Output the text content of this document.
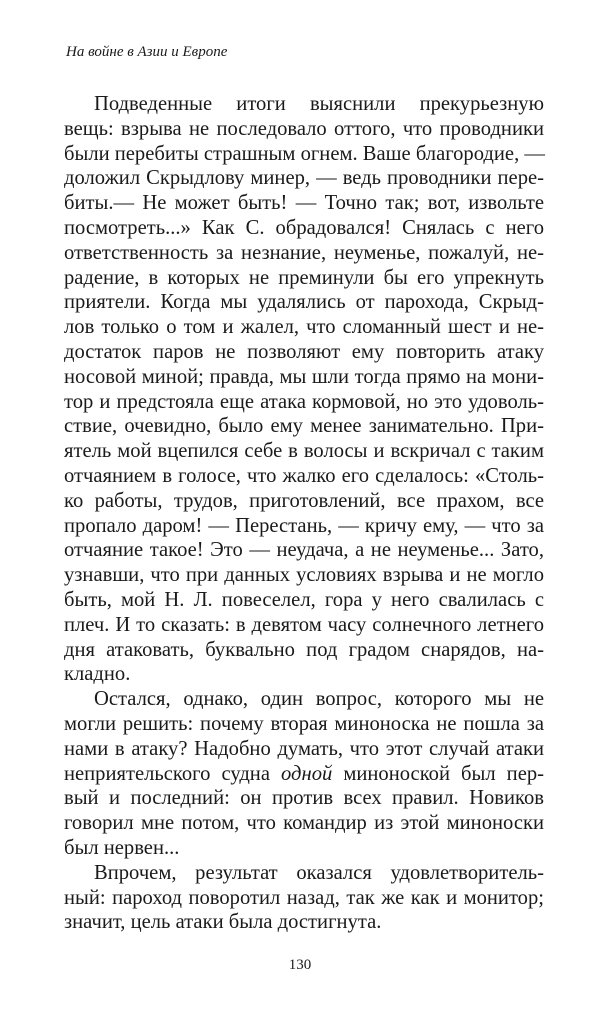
На войне в Азии и Европе
Подведенные итоги выяснили прекурьезную
вещь: взрыва не последовало оттого, что проводники
были перебиты страшным огнем. Ваше благородие, —
доложил Скрыдлову минер, — ведь проводники пере-
биты.— Не может быть! — Точно так; вот, извольте
посмотреть...» Как С. обрадовался! Снялась с него
ответственность за незнание, неуменье, пожалуй, не-
радение, в которых не преминули бы его упрекнуть
приятели. Когда мы удалялись от парохода, Скрыд-
лов только о том и жалел, что сломанный шест и не-
достаток паров не позволяют ему повторить атаку
носовой миной; правда, мы шли тогда прямо на мони-
тор и предстояла еще атака кормовой, но это удоволь-
ствие, очевидно, было ему менее занимательно. При-
ятель мой вцепился себе в волосы и вскричал с таким
отчаянием в голосе, что жалко его сделалось: «Столь-
ко работы, трудов, приготовлений, все прахом, все
пропало даром! — Перестань, — кричу ему, — что за
отчаяние такое! Это — неудача, а не неуменье... Зато,
узнавши, что при данных условиях взрыва и не могло
быть, мой Н. Л. повеселел, гора у него свалилась с
плеч. И то сказать: в девятом часу солнечного летнего
дня атаковать, буквально под градом снарядов, на-
кладно.
Остался, однако, один вопрос, которого мы не
могли решить: почему вторая миноноска не пошла за
нами в атаку? Надобно думать, что этот случай атаки
неприятельского судна одной миноноской был пер-
вый и последний: он против всех правил. Новиков
говорил мне потом, что командир из этой миноноски
был нервен...
Впрочем, результат оказался удовлетворитель-
ный: пароход поворотил назад, так же как и монитор;
значит, цель атаки была достигнута.
130
